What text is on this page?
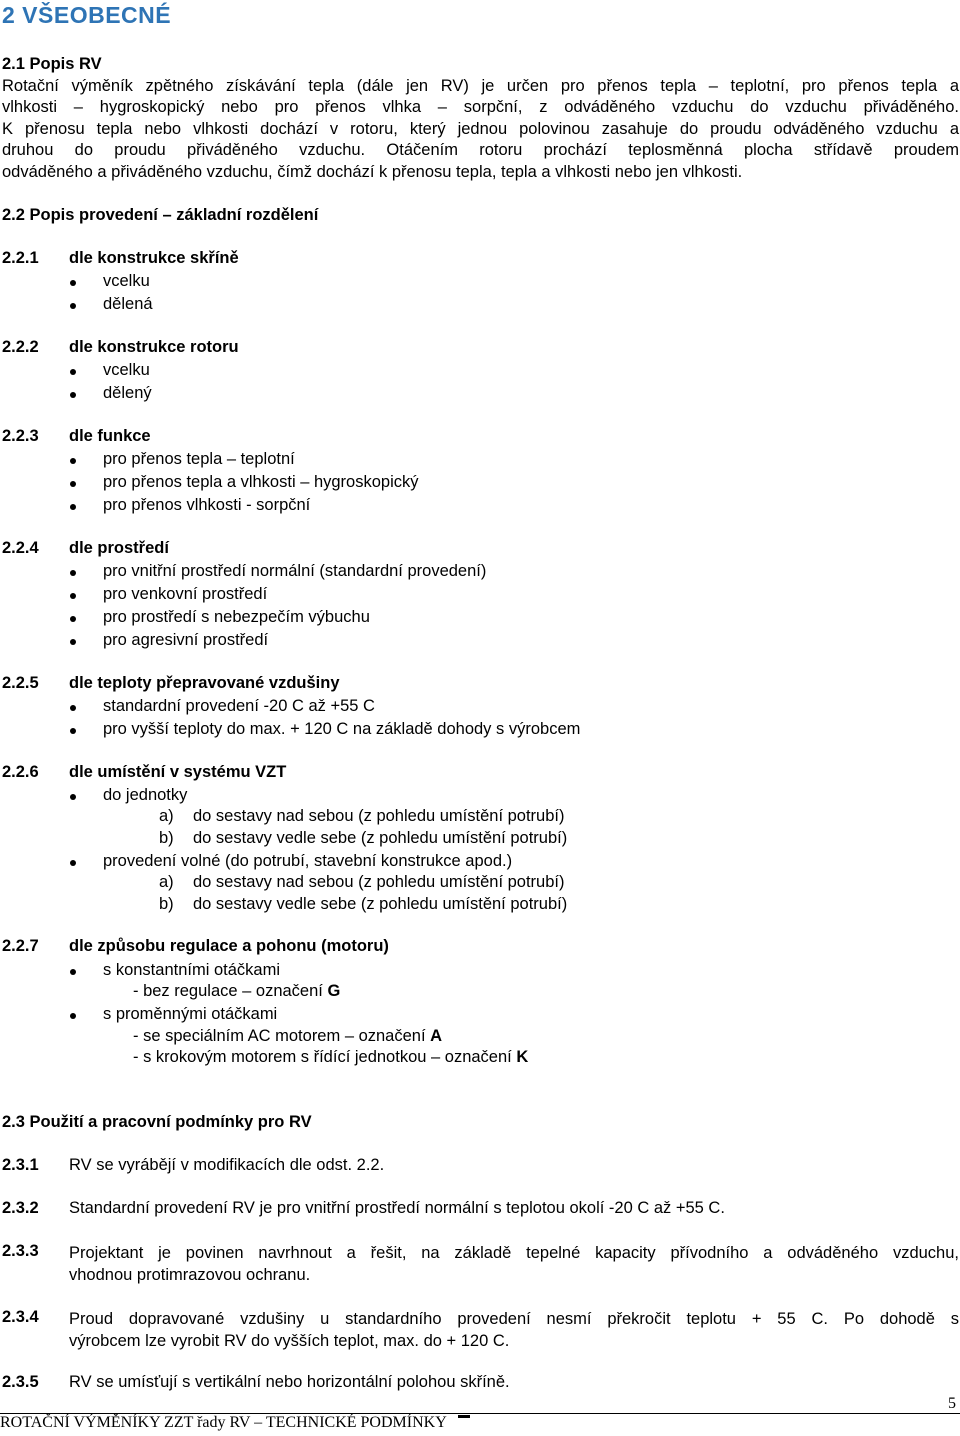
2 VŠEOBECNÉ
2.1 Popis RV
Rotační výměník zpětného získávání tepla (dále jen RV) je určen pro přenos tepla – teplotní, pro přenos tepla a
vlhkosti – hygroskopický nebo pro přenos vlhka – sorpční, z odváděného vzduchu do vzduchu přiváděného.
K přenosu tepla nebo vlhkosti dochází v rotoru, který jednou polovinou zasahuje do proudu odváděného vzduchu a
druhou do proudu přiváděného vzduchu. Otáčením rotoru prochází teplosměnná plocha střídavě proudem
odváděného a přiváděného vzduchu, čímž dochází k přenosu tepla, tepla a vlhkosti nebo jen vlhkosti.
2.2 Popis provedení – základní rozdělení
2.2.1 dle konstrukce skříně
vcelku
dělená
2.2.2 dle konstrukce rotoru
vcelku
dělený
2.2.3 dle funkce
pro přenos tepla – teplotní
pro přenos tepla a vlhkosti – hygroskopický
pro přenos vlhkosti - sorpční
2.2.4 dle prostředí
pro vnitřní prostředí normální (standardní provedení)
pro venkovní prostředí
pro prostředí s nebezpečím výbuchu
pro agresivní prostředí
2.2.5 dle teploty přepravované vzdušiny
standardní provedení -20 C až +55 C
pro vyšší teploty do max. + 120 C na základě dohody s výrobcem
2.2.6 dle umístění v systému VZT
do jednotky
a) do sestavy nad sebou (z pohledu umístění potrubí)
b) do sestavy vedle sebe (z pohledu umístění potrubí)
provedení volné (do potrubí, stavební konstrukce apod.)
a) do sestavy nad sebou (z pohledu umístění potrubí)
b) do sestavy vedle sebe (z pohledu umístění potrubí)
2.2.7 dle způsobu regulace a pohonu (motoru)
s konstantními otáčkami
- bez regulace – označení G
s proměnnými otáčkami
- se speciálním AC motorem – označení A
- s krokovým motorem s řídící jednotkou – označení K
2.3 Použití a pracovní podmínky pro RV
2.3.1 RV se vyrábějí v modifikacích dle odst. 2.2.
2.3.2 Standardní provedení RV je pro vnitřní prostředí normální s teplotou okolí -20 C až +55 C.
2.3.3 Projektant je povinen navrhnout a řešit, na základě tepelné kapacity přívodního a odváděného vzduchu,
vhodnou protimrazovou ochranu.
2.3.4 Proud dopravované vzdušiny u standardního provedení nesmí překročit teplotu + 55 C. Po dohodě s
výrobcem lze vyrobit RV do vyšších teplot, max. do + 120 C.
2.3.5 RV se umísťují s vertikální nebo horizontální polohou skříně.
5
ROTAČNÍ VÝMĚNÍKY ZZT řady RV – TECHNICKÉ PODMÍNKY
